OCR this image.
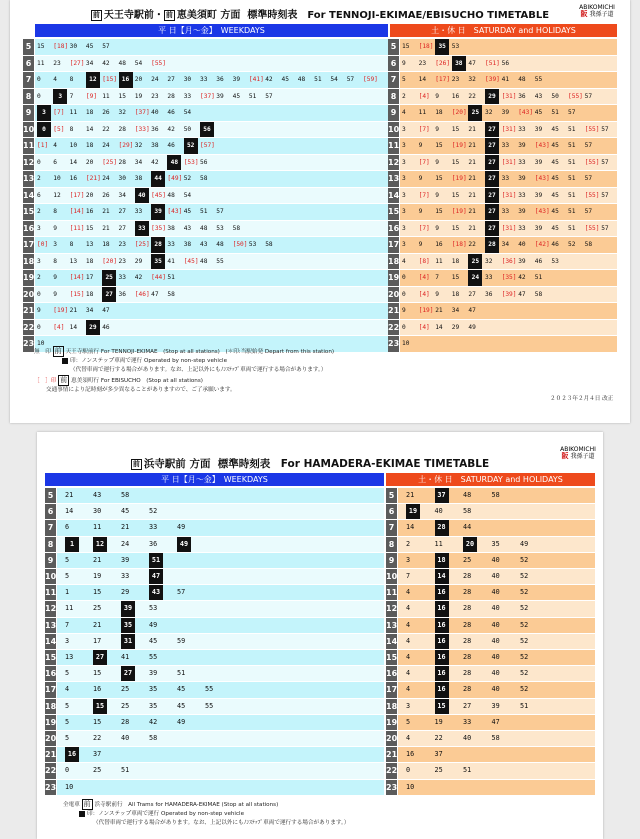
前 天王寺駅前・ 前 恵美須町 方面 標準時刻表　For TENNOJI-EKIMAE/EBISUCHO TIMETABLE
ABIKOMICHI
阪 我孫子道
平 日【月～金】　WEEKDAYS	土・休 日　SATURDAY and HOLIDAYS
5 15 [18] 30 45 57	5 15 [18] 35 53
6 11 23 [27] 34 42 48 54 [55]	6 9 23 [26] 38 47 [51] 56
7 0 4 8	12 [15] 16 20 24 27 30 33 36 39 [41] 42 45 48 51 54 57 [59]	7 5 14 [17] 23 32 [39] 41 48 55
8 0	3	7 [9] 11 15 19 23 28 33 [37] 39 45 51 57	8 2 [4] 9 16 22	29 [31] 36 43 50 [55] 57
9	3	[7] 11 18 26 32 [37] 40 46 54	9 4 11 18 [20] 25 32 39 [43] 45 51 57
10	0	[5] 8 14 22 28 [33] 36 42 50	56	10 3 [7] 9 15 21	27 [31] 33 39 45 51 [55] 57
11 [1] 4 10 18 24 [29] 32 38 46	52 [57]	11 3 9 15 [19] 21	27 33 39 [43] 45 51 57
12 0 6 14 20 [25] 28 34 42	48 [53] 56	12 3 [7] 9 15 21	27 [31] 33 39 45 51 [55] 57
13 2 10 16 [21] 24 30 38	44 [49] 52 58	13 3 9 15 [19] 21	27 33 39 [43] 45 51 57
14 6 12 [17] 20 26 34	40 [45] 48 54	14 3 [7] 9 15 21	27 [31] 33 39 45 51 [55] 57
15 2 8 [14] 16 21 27 33	39 [43] 45 51 57	15 3 9 15 [19] 21	27 33 39 [43] 45 51 57
16 3 9 [11] 15 21 27	33 [35] 38 43 48 53 58	16 3 [7] 9 15 21	27 [31] 33 39 45 51 [55] 57
17 [0] 3 8 13 18 23 [25] 28 33 38 43 48 [50] 53 58	17 3 9 16 [18] 22	28 34 40 [42] 46 52 58
18 3 8 13 18 [20] 23 29	35 41 [45] 48 55	18 4 [8] 11 18	25 32 [36] 39 46 53
19 2 9 [14] 17	25 33 42 [44] 51	19 0 [4] 7 15	24 33 [35] 42 51
20 0 9 [15] 18	27 36 [46] 47 58	20 0 [4] 9 18 27 36 [39] 47 58
21 9 [19] 21 34 47	21 9 [19] 21 34 47
22 0 [4] 14	29 46	22 0 [4] 14 29 49
23 10	23 10
無　印 前 天王寺駅前行 For TENNOJI-EKIMAE　(Stop at all stations)　(＊印:当駅始発 Depart from this station)
印：ノンステップ車両で運行 Operated by non-step vehicle
（代替車両で運行する場合があります。なお、上記以外にもﾉﾝｽﾃｯﾌﾟ車両で運行する場合があります。）
［　］印 前 恵美須町行 For EBISUCHO　(Stop at all stations)
交通事情により記時刻が多少異なることがありますので、ご了承願います。
２０２３年２月４日 改正
前 浜寺駅前 方面 標準時刻表　For HAMADERA-EKIMAE TIMETABLE
ABIKOMICHI
阪 我孫子道
平 日【月～金】　WEEKDAYS	土・休 日　SATURDAY and HOLIDAYS
5	21	43	58	5	21	37	48	58
6	14	30	45	52	6	19	40	58
7	6	11	21	33	49	7	14	28	44
8	1	12	24	36	49	8	2	11	20	35	49
9	5	21	39	51	9	3	18	25	40	52
10 5	19	33	47	10 7	14	28	40	52
11 1	15	29	43	57	11 4	16	28	40	52
12 11	25	39	53	12 4	16	28	40	52
13 7	21	35	49	13 4	16	28	40	52
14 3	17	31	45	59	14 4	16	28	40	52
15 13	27	41	55	15 4	16	28	40	52
16 5	15	27	39	51	16 4	16	28	40	52
17 4	16	25	35	45	55	17 4	16	28	40	52
18 5	15	25	35	45	55	18 3	15	27	39	51
19 5	15	28	42	49	19 5	19	33	47
20 5	22	40	58	20 4	22	40	58
21	16	37	21 16	37
22 0	25	51	22 0	25	51
23 10	23 10
全電車 前 浜寺駅前行　All Trams for HAMADERA-EKIMAE (Stop at all stations)
印：ノンステップ車両で運行 Operated by non-step vehicle
（代替車両で運行する場合があります。なお、上記以外にもﾉﾝｽﾃｯﾌﾟ車両で運行する場合があります。）
